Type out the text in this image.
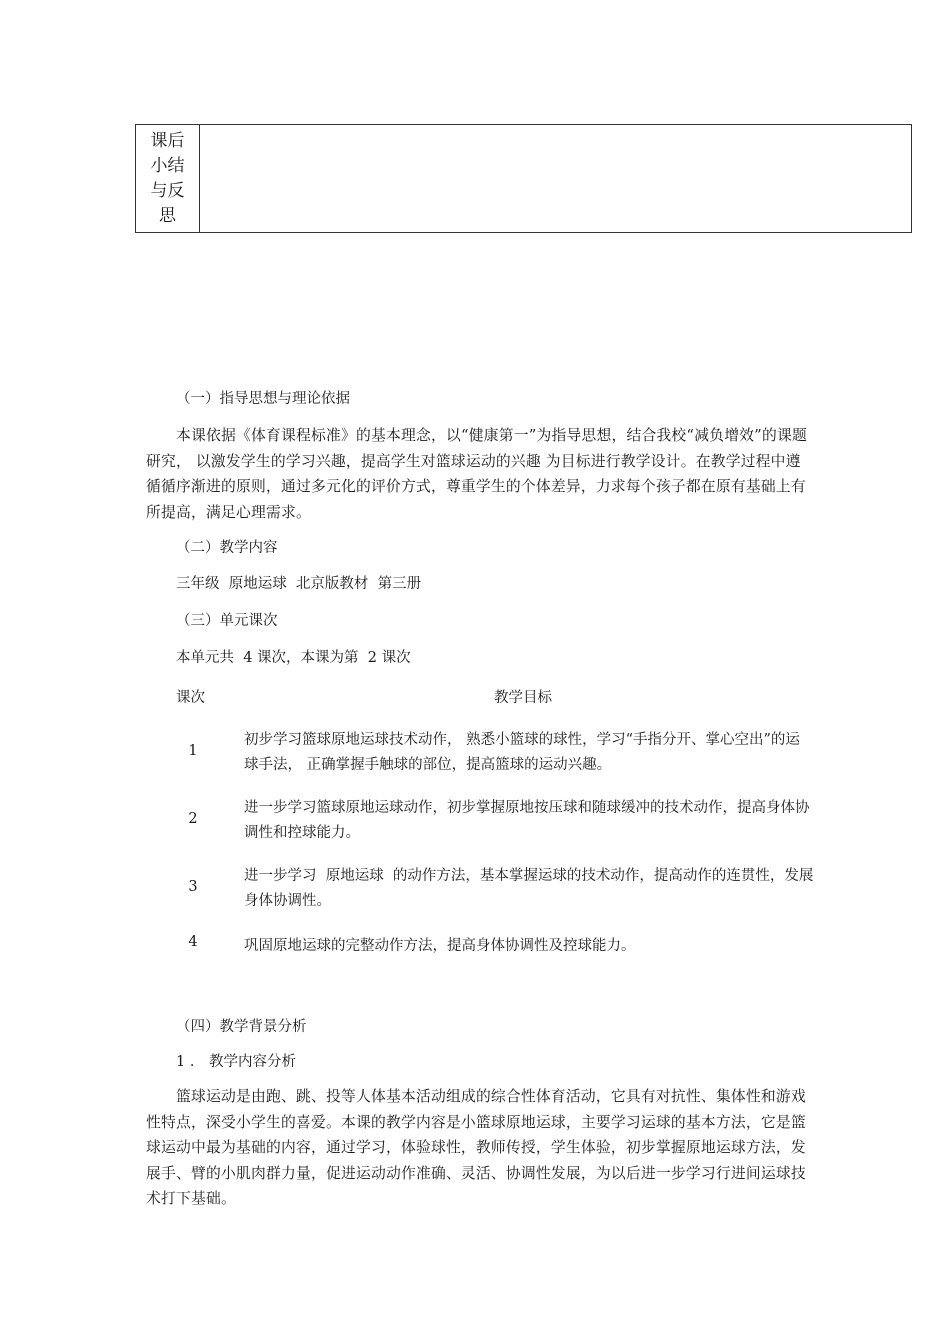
课后小结与反思
（一）指导思想与理论依据
本课依据《体育课程标准》的基本理念，以“健康第一”为指导思想，结合我校“减负增效”的课题研究， 以激发学生的学习兴趣，提高学生对篮球运动的兴趣 为目标进行教学设计。在教学过程中遵循循序渐进的原则，通过多元化的评价方式，尊重学生的个体差异，力求每个孩子都在原有基础上有所提高，满足心理需求。
（二）教学内容
三年级  原地运球  北京版教材  第三册
（三）单元课次
本单元共  4 课次，本课为第  2 课次
课次	教学目标
1
初步学习篮球原地运球技术动作， 熟悉小篮球的球性，学习“手指分开、掌心空出”的运球手法， 正确掌握手触球的部位，提高篮球的运动兴趣。
2
进一步学习篮球原地运球动作，初步掌握原地按压球和随球缓冲的技术动作，提高身体协调性和控球能力。
3
进一步学习  原地运球  的动作方法，基本掌握运球的技术动作，提高动作的连贯性，发展身体协调性。
4	巩固原地运球的完整动作方法，提高身体协调性及控球能力。
（四）教学背景分析
1 ． 教学内容分析
篮球运动是由跑、跳、投等人体基本活动组成的综合性体育活动，它具有对抗性、集体性和游戏性特点，深受小学生的喜爱。本课的教学内容是小篮球原地运球，主要学习运球的基本方法，它是篮球运动中最为基础的内容，通过学习，体验球性，教师传授，学生体验，初步掌握原地运球方法，发展手、臂的小肌肉群力量，促进运动动作准确、灵活、协调性发展，为以后进一步学习行进间运球技术打下基础。
